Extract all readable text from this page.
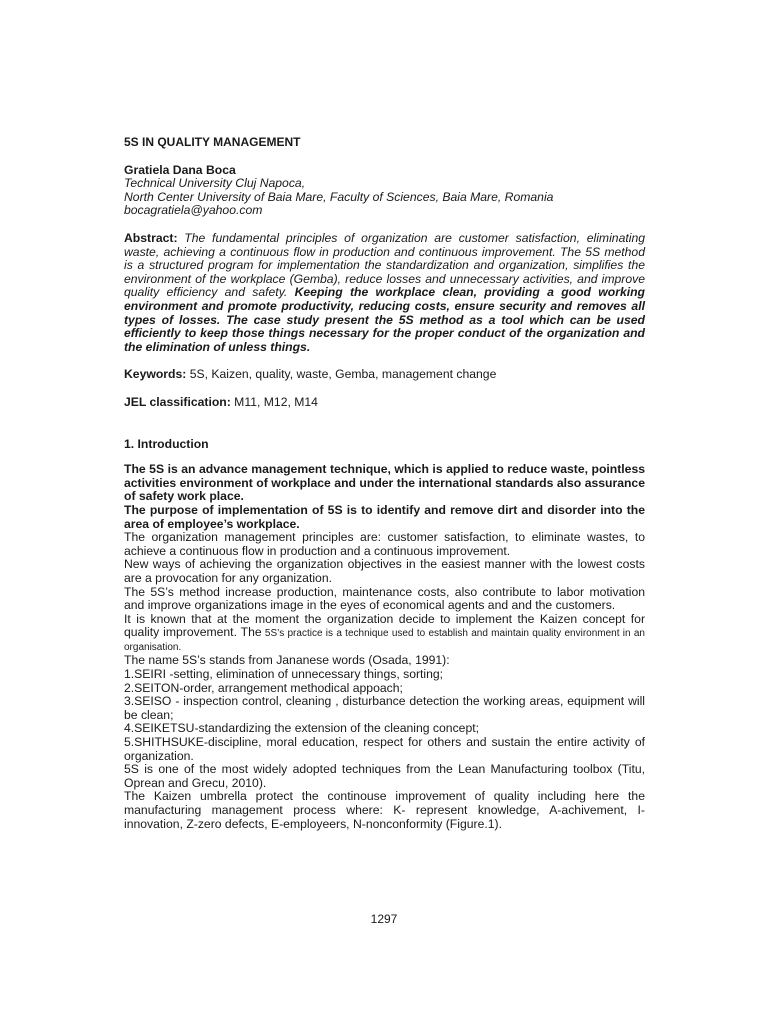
5S IN QUALITY MANAGEMENT

Gratiela Dana Boca

Technical University Cluj Napoca,

North Center University of Baia Mare, Faculty of Sciences, Baia Mare, Romania

bocagratiela@yahoo.com

Abstract: The fundamental principles of organization are customer satisfaction, eliminating waste, achieving a continuous flow in production and continuous improvement. The 5S method is a structured program for implementation the standardization and organization, simplifies the environment of the workplace (Gemba), reduce losses and unnecessary activities, and improve quality efficiency and safety. Keeping the workplace clean, providing a good working environment and promote productivity, reducing costs, ensure security and removes all types of losses. The case study present the 5S method as a tool which can be used efficiently to keep those things necessary for the proper conduct of the organization and the elimination of unless things.

Keywords: 5S, Kaizen, quality, waste, Gemba, management change

JEL classification: M11, M12, M14

1. Introduction

The 5S is an advance management technique, which is applied to reduce waste, pointless activities environment of workplace and under the international standards also assurance of safety work place.

The purpose of implementation of 5S is to identify and remove dirt and disorder into the area of employee’s workplace.

The organization management principles are: customer satisfaction, to eliminate wastes, to achieve a continuous flow in production and a continuous improvement.

New ways of achieving the organization objectives in the easiest manner with the lowest costs are a provocation for any organization.

The 5S’s method increase production, maintenance costs, also contribute to labor motivation and improve organizations image in the eyes of economical agents and and the customers.

It is known that at the moment the organization decide to implement the Kaizen concept for quality improvement. The 5S’s practice is a technique used to establish and maintain quality environment in an organisation.

The name 5S’s stands from Jananese words (Osada, 1991):

1.SEIRI -setting, elimination of unnecessary things, sorting;

2.SEITON-order, arrangement methodical appoach;

3.SEISO - inspection control, cleaning , disturbance detection the working areas, equipment will be clean;

4.SEIKETSU-standardizing the extension of the cleaning concept;

5.SHITHSUKE-discipline, moral education, respect for others and sustain the entire activity of organization.

5S is one of the most widely adopted techniques from the Lean Manufacturing toolbox (Titu, Oprean and Grecu, 2010).

The Kaizen umbrella protect the continouse improvement of quality including here the manufacturing management process where: K- represent knowledge, A-achivement, I- innovation, Z-zero defects, E-employeers, N-nonconformity (Figure.1).

1297
